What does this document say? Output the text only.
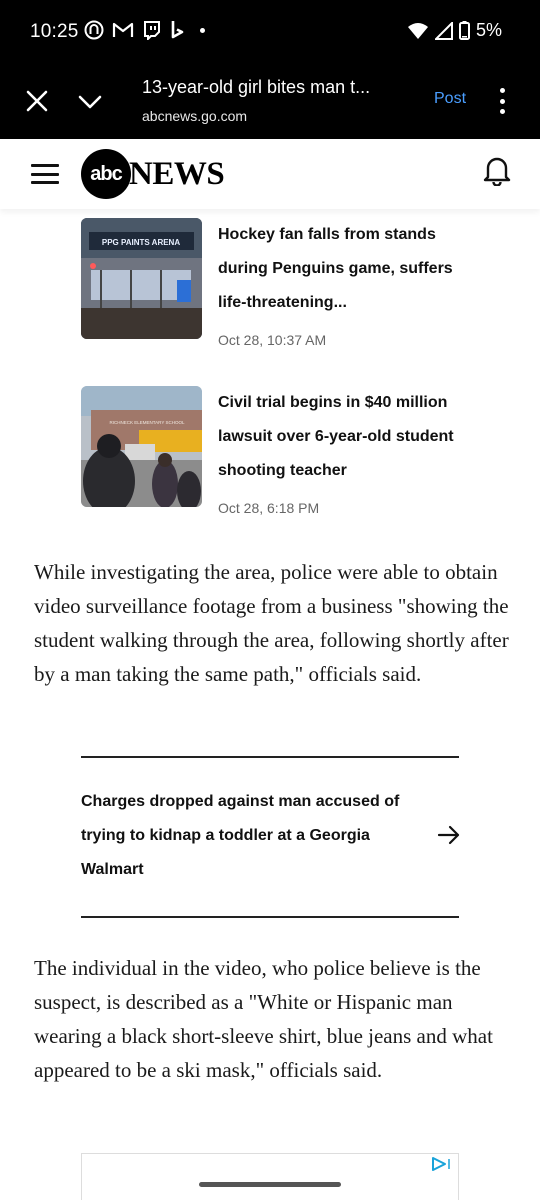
10:25	5%
13-year-old girl bites man t...
abcnews.go.com
Post
abc NEWS
PPG PAINTS ARENA Hockey fan falls from stands during Penguins game, suffers life-threatening...
Oct 28, 10:37 AM
RICHNECK ELEMENTARY SCHOOL
Civil trial begins in $40 million lawsuit over 6-year-old student shooting teacher
Oct 28, 6:18 PM

While investigating the area, police were able to obtain video surveillance footage from a business "showing the student walking through the area, following shortly after by a man taking the same path," officials said.

Charges dropped against man accused of trying to kidnap a toddler at a Georgia Walmart

The individual in the video, who police believe is the suspect, is described as a "White or Hispanic man wearing a black short-sleeve shirt, blue jeans and what appeared to be a ski mask," officials said.
